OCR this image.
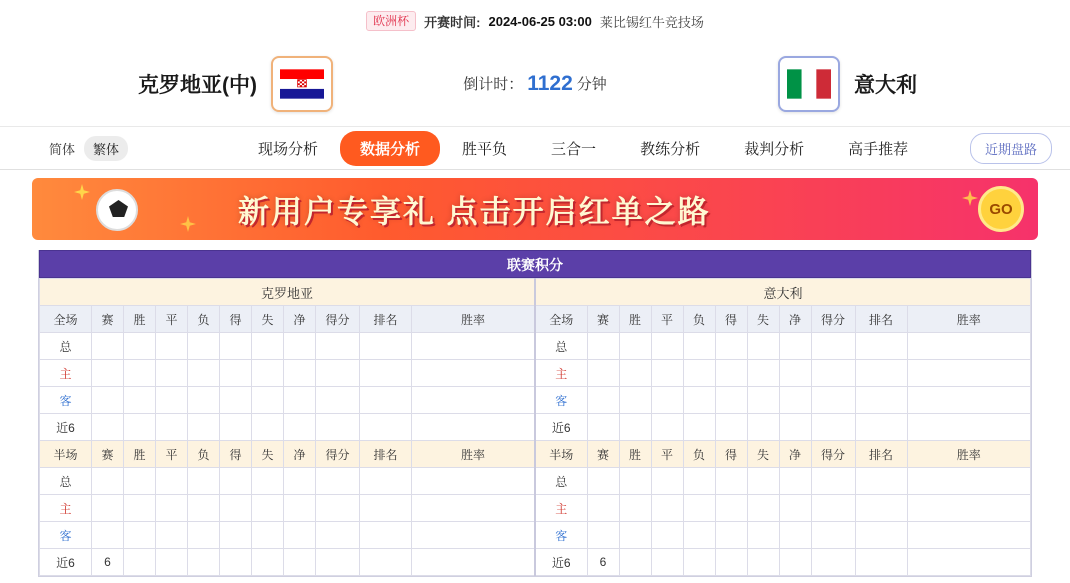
欧洲杯	开赛时间: 2024-06-25 03:00 莱比锡红牛竞技场
倒计时： 1122 分钟
克罗地亚(中)	意大利
简体	繁体	现场分析	数据分析	胜平负	三合一	教练分析	裁判分析	高手推荐	近期盘路
新用户专享礼 点击开启红单之路	GO
联赛积分
克罗地亚											意大利										
全场	赛	胜	平	负	得	失	净	得分	排名	胜率	全场	赛	胜	平	负	得	失	净	得分	排名	胜率
总											总										
主											主										
客											客										
近6											近6										
半场	赛	胜	平	负	得	失	净	得分	排名	胜率	半场	赛	胜	平	负	得	失	净	得分	排名	胜率
总											总										
主											主										
客											客										
近6	6										近6	6									
